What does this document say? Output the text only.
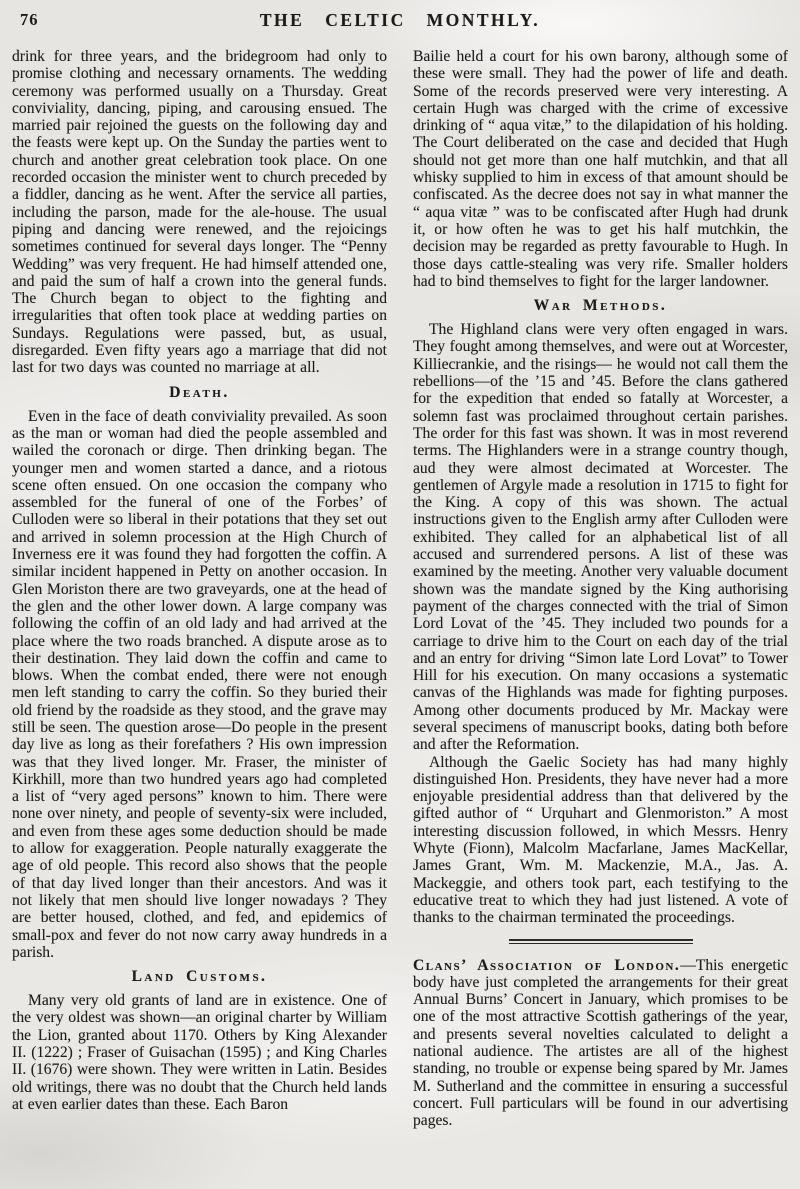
76	THE CELTIC MONTHLY.

drink for three years, and the bridegroom had only to promise clothing and necessary ornaments. The wedding ceremony was performed usually on a Thursday. Great conviviality, dancing, piping, and carousing ensued. The married pair rejoined the guests on the following day and the feasts were kept up. On the Sunday the parties went to church and another great celebration took place. On one recorded occasion the minister went to church preceded by a fiddler, dancing as he went. After the service all parties, including the parson, made for the ale-house. The usual piping and dancing were renewed, and the rejoicings sometimes continued for several days longer. The “Penny Wedding” was very frequent. He had himself attended one, and paid the sum of half a crown into the general funds. The Church began to object to the fighting and irregularities that often took place at wedding parties on Sundays. Regulations were passed, but, as usual, disregarded. Even fifty years ago a marriage that did not last for two days was counted no marriage at all.

Death.

Even in the face of death conviviality prevailed. As soon as the man or woman had died the people assembled and wailed the coronach or dirge. Then drinking began. The younger men and women started a dance, and a riotous scene often ensued. On one occasion the company who assembled for the funeral of one of the Forbes’ of Culloden were so liberal in their potations that they set out and arrived in solemn procession at the High Church of Inverness ere it was found they had forgotten the coffin. A similar incident happened in Petty on another occasion. In Glen Moriston there are two graveyards, one at the head of the glen and the other lower down. A large company was following the coffin of an old lady and had arrived at the place where the two roads branched. A dispute arose as to their destination. They laid down the coffin and came to blows. When the combat ended, there were not enough men left standing to carry the coffin. So they buried their old friend by the roadside as they stood, and the grave may still be seen. The question arose—Do people in the present day live as long as their forefathers ? His own impression was that they lived longer. Mr. Fraser, the minister of Kirkhill, more than two hundred years ago had completed a list of “very aged persons” known to him. There were none over ninety, and people of seventy-six were included, and even from these ages some deduction should be made to allow for exaggeration. People naturally exaggerate the age of old people. This record also shows that the people of that day lived longer than their ancestors. And was it not likely that men should live longer nowadays ? They are better housed, clothed, and fed, and epidemics of small-pox and fever do not now carry away hundreds in a parish.

Land Customs.

Many very old grants of land are in existence. One of the very oldest was shown—an original charter by William the Lion, granted about 1170. Others by King Alexander II. (1222) ; Fraser of Guisachan (1595) ; and King Charles II. (1676) were shown. They were written in Latin. Besides old writings, there was no doubt that the Church held lands at even earlier dates than these. Each Baron

Bailie held a court for his own barony, although some of these were small. They had the power of life and death. Some of the records preserved were very interesting. A certain Hugh was charged with the crime of excessive drinking of “ aqua vitæ,” to the dilapidation of his holding. The Court deliberated on the case and decided that Hugh should not get more than one half mutchkin, and that all whisky supplied to him in excess of that amount should be confiscated. As the decree does not say in what manner the “ aqua vitæ ” was to be confiscated after Hugh had drunk it, or how often he was to get his half mutchkin, the decision may be regarded as pretty favourable to Hugh. In those days cattle-stealing was very rife. Smaller holders had to bind themselves to fight for the larger landowner.

War Methods.

The Highland clans were very often engaged in wars. They fought among themselves, and were out at Worcester, Killiecrankie, and the risings— he would not call them the rebellions—of the ’15 and ’45. Before the clans gathered for the expedition that ended so fatally at Worcester, a solemn fast was proclaimed throughout certain parishes. The order for this fast was shown. It was in most reverend terms. The Highlanders were in a strange country though, aud they were almost decimated at Worcester. The gentlemen of Argyle made a resolution in 1715 to fight for the King. A copy of this was shown. The actual instructions given to the English army after Culloden were exhibited. They called for an alphabetical list of all accused and surrendered persons. A list of these was examined by the meeting. Another very valuable document shown was the mandate signed by the King authorising payment of the charges connected with the trial of Simon Lord Lovat of the ’45. They included two pounds for a carriage to drive him to the Court on each day of the trial and an entry for driving “Simon late Lord Lovat” to Tower Hill for his execution. On many occasions a systematic canvas of the Highlands was made for fighting purposes. Among other documents produced by Mr. Mackay were several specimens of manuscript books, dating both before and after the Reformation.

Although the Gaelic Society has had many highly distinguished Hon. Presidents, they have never had a more enjoyable presidential address than that delivered by the gifted author of “ Urquhart and Glenmoriston.” A most interesting discussion followed, in which Messrs. Henry Whyte (Fionn), Malcolm Macfarlane, James MacKellar, James Grant, Wm. M. Mackenzie, M.A., Jas. A. Mackeggie, and others took part, each testifying to the educative treat to which they had just listened. A vote of thanks to the chairman terminated the proceedings.

Clans’ Association of London.—This energetic body have just completed the arrangements for their great Annual Burns’ Concert in January, which promises to be one of the most attractive Scottish gatherings of the year, and presents several novelties calculated to delight a national audience. The artistes are all of the highest standing, no trouble or expense being spared by Mr. James M. Sutherland and the committee in ensuring a successful concert. Full particulars will be found in our advertising pages.
